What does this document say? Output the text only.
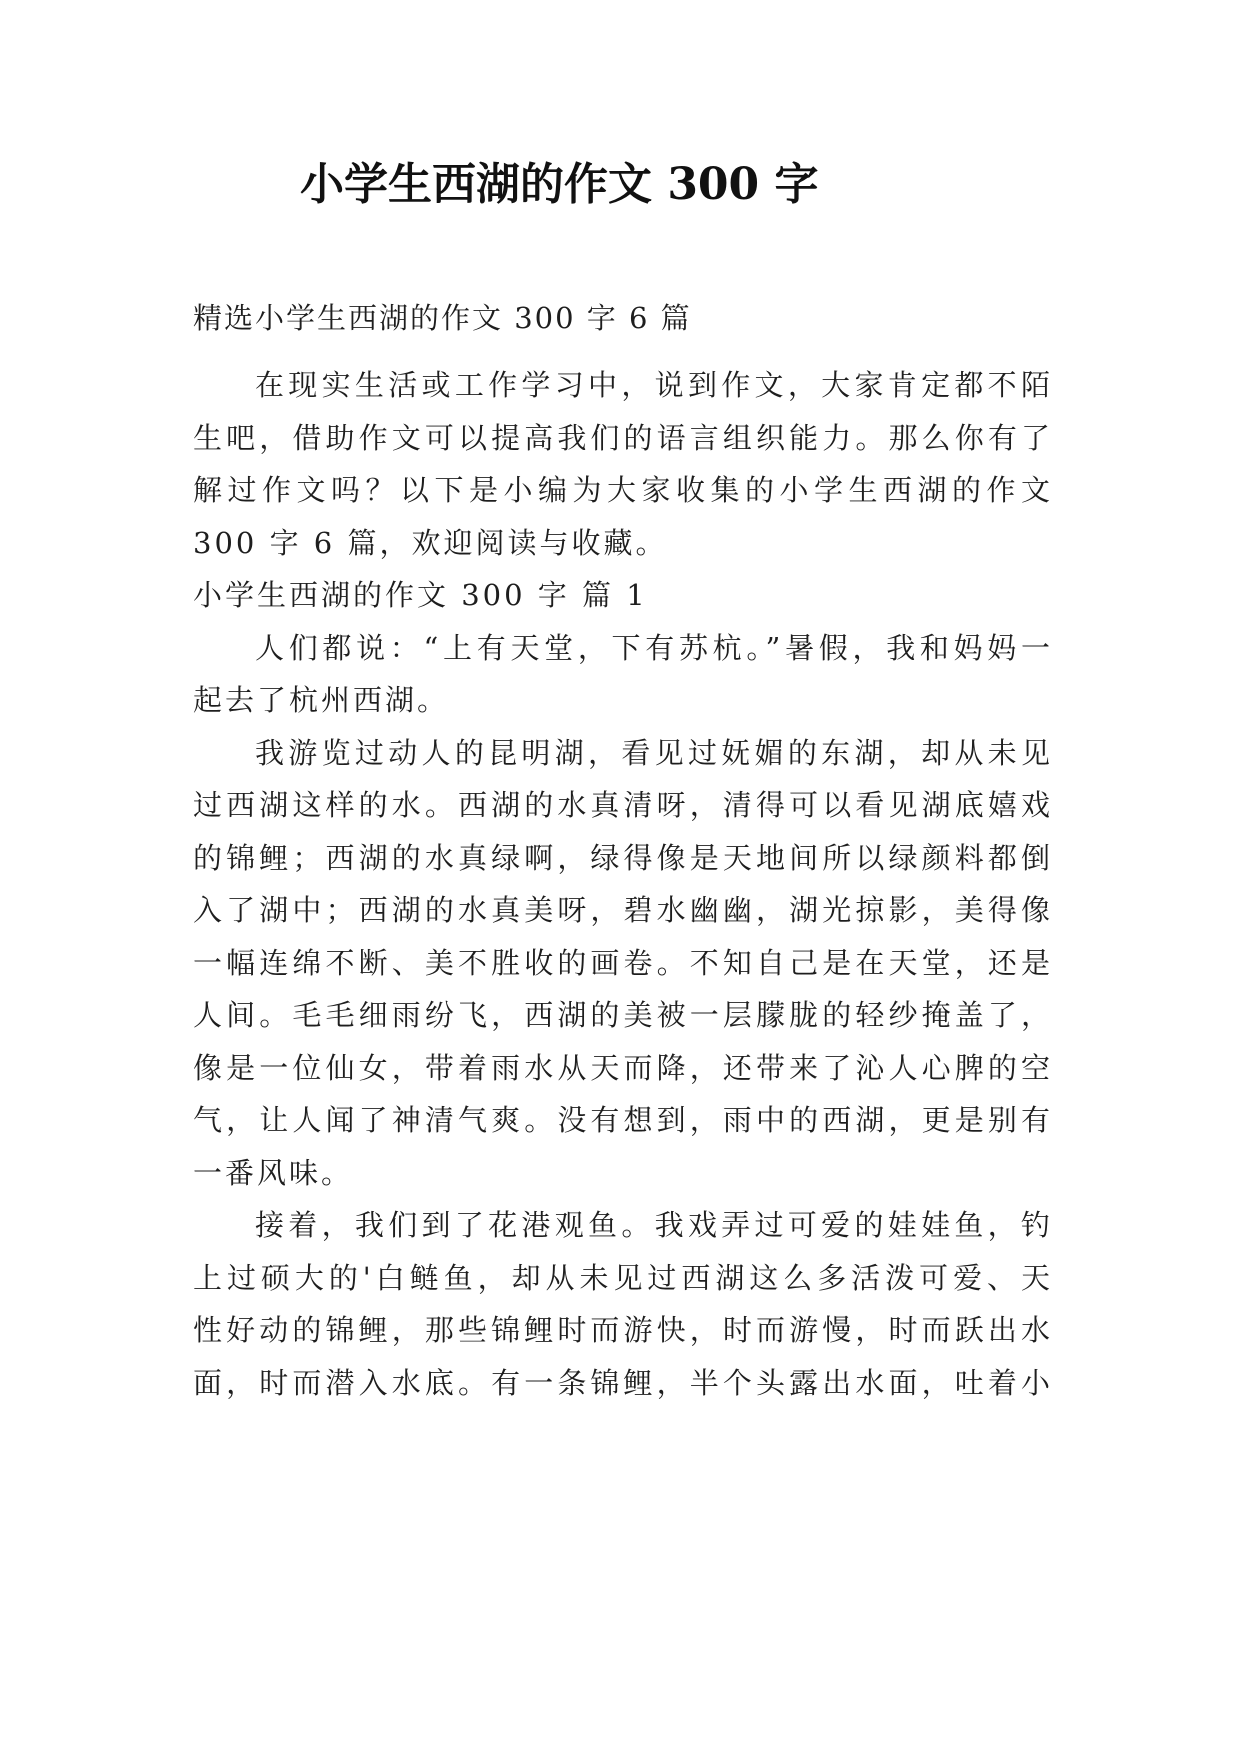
小学生西湖的作文 300 字
精选小学生西湖的作文 300 字 6 篇
在现实生活或工作学习中，说到作文，大家肯定都不陌
生吧，借助作文可以提高我们的语言组织能力。那么你有了
解过作文吗？以下是小编为大家收集的小学生西湖的作文
300 字 6 篇，欢迎阅读与收藏。
小学生西湖的作文 300 字 篇 1
人们都说：“上有天堂，下有苏杭。”暑假，我和妈妈一
起去了杭州西湖。
我游览过动人的昆明湖，看见过妩媚的东湖，却从未见
过西湖这样的水。西湖的水真清呀，清得可以看见湖底嬉戏
的锦鲤；西湖的水真绿啊，绿得像是天地间所以绿颜料都倒
入了湖中；西湖的水真美呀，碧水幽幽，湖光掠影，美得像
一幅连绵不断、美不胜收的画卷。不知自己是在天堂，还是
人间。毛毛细雨纷飞，西湖的美被一层朦胧的轻纱掩盖了，
像是一位仙女，带着雨水从天而降，还带来了沁人心脾的空
气，让人闻了神清气爽。没有想到，雨中的西湖，更是别有
一番风味。
接着，我们到了花港观鱼。我戏弄过可爱的娃娃鱼，钓
上过硕大的'白鲢鱼，却从未见过西湖这么多活泼可爱、天
性好动的锦鲤，那些锦鲤时而游快，时而游慢，时而跃出水
面，时而潜入水底。有一条锦鲤，半个头露出水面，吐着小
